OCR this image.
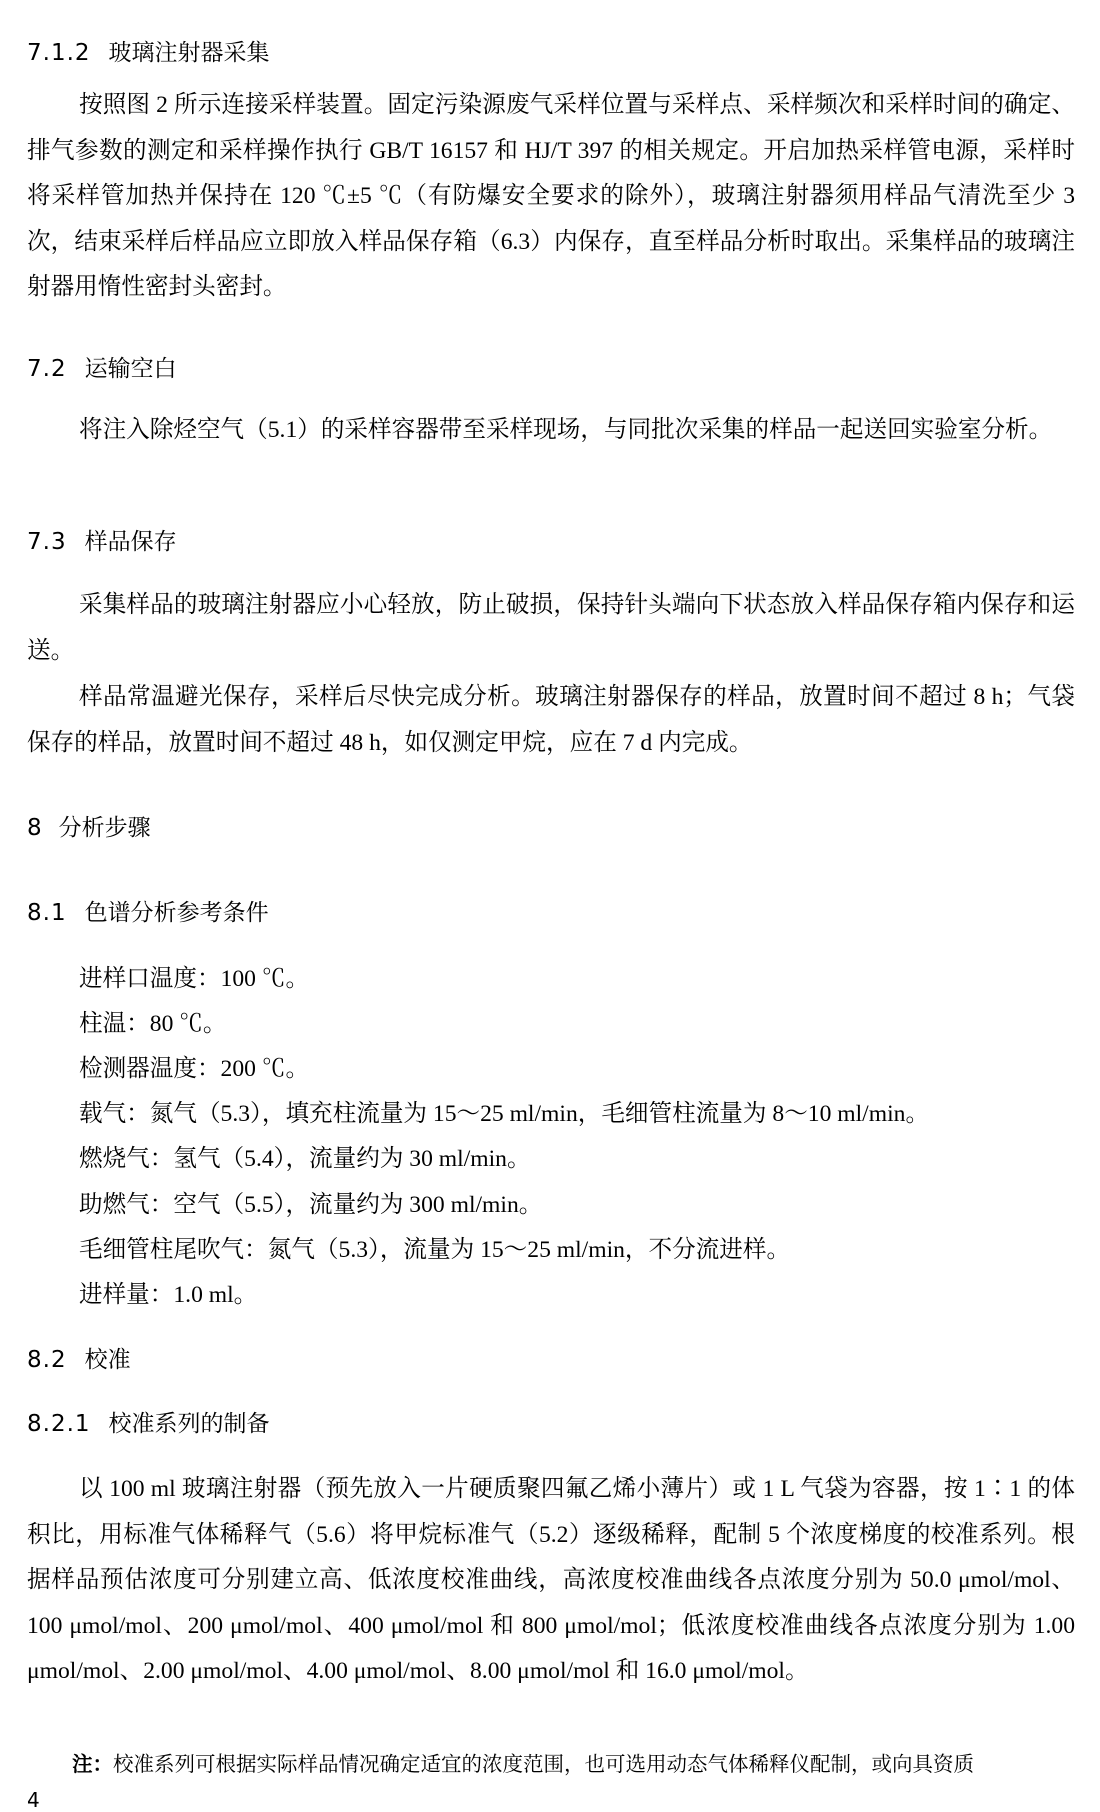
7.1.2 玻璃注射器采集

按照图 2 所示连接采样装置。固定污染源废气采样位置与采样点、采样频次和采样时间的确定、排气参数的测定和采样操作执行 GB/T 16157 和 HJ/T 397 的相关规定。开启加热采样管电源，采样时将采样管加热并保持在 120 ℃±5 ℃（有防爆安全要求的除外），玻璃注射器须用样品气清洗至少 3 次，结束采样后样品应立即放入样品保存箱（6.3）内保存，直至样品分析时取出。采集样品的玻璃注射器用惰性密封头密封。

7.2 运输空白

将注入除烃空气（5.1）的采样容器带至采样现场，与同批次采集的样品一起送回实验室分析。

7.3 样品保存

采集样品的玻璃注射器应小心轻放，防止破损，保持针头端向下状态放入样品保存箱内保存和运送。

样品常温避光保存，采样后尽快完成分析。玻璃注射器保存的样品，放置时间不超过 8 h；气袋保存的样品，放置时间不超过 48 h，如仅测定甲烷，应在 7 d 内完成。

8 分析步骤
8.1 色谱分析参考条件

进样口温度：100 ℃。

柱温：80 ℃。

检测器温度：200 ℃。

载气：氮气（5.3），填充柱流量为 15～25 ml/min，毛细管柱流量为 8～10 ml/min。

燃烧气：氢气（5.4），流量约为 30 ml/min。

助燃气：空气（5.5），流量约为 300 ml/min。

毛细管柱尾吹气：氮气（5.3），流量为 15～25 ml/min，不分流进样。

进样量：1.0 ml。

8.2 校准
8.2.1 校准系列的制备

以 100 ml 玻璃注射器（预先放入一片硬质聚四氟乙烯小薄片）或 1 L 气袋为容器，按 1∶1 的体积比，用标准气体稀释气（5.6）将甲烷标准气（5.2）逐级稀释，配制 5 个浓度梯度的校准系列。根据样品预估浓度可分别建立高、低浓度校准曲线，高浓度校准曲线各点浓度分别为 50.0 μmol/mol、100 μmol/mol、200 μmol/mol、400 μmol/mol 和 800 μmol/mol；低浓度校准曲线各点浓度分别为 1.00 μmol/mol、2.00 μmol/mol、4.00 μmol/mol、8.00 μmol/mol 和 16.0 μmol/mol。

注：校准系列可根据实际样品情况确定适宜的浓度范围，也可选用动态气体稀释仪配制，或向具资质

4
